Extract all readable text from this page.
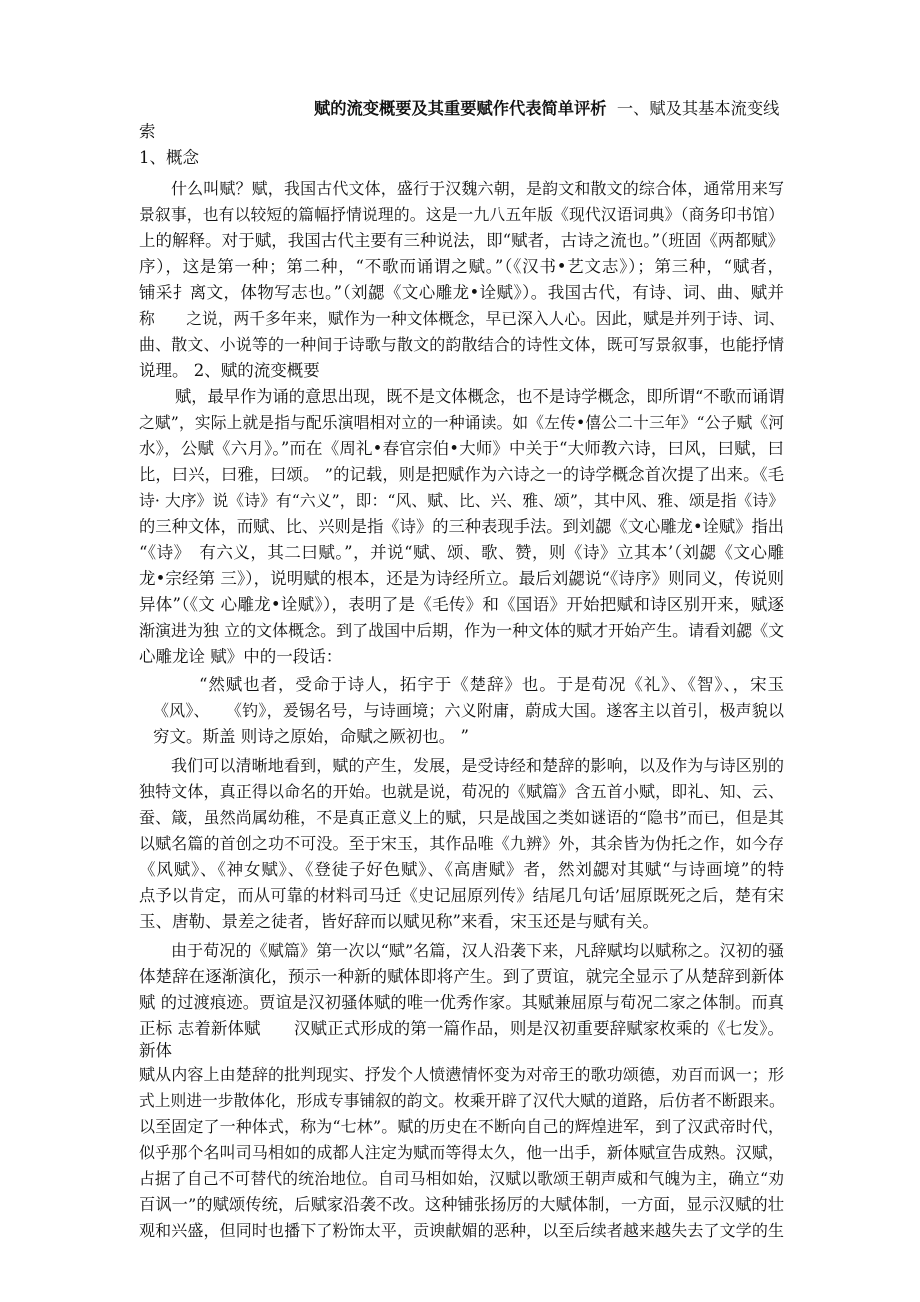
赋的流变概要及其重要赋作代表简单评析 一、赋及其基本流变线
索
1、概念
什么叫赋？赋，我国古代文体，盛行于汉魏六朝，是韵文和散文的综合体，通常用来写
景叙事，也有以较短的篇幅抒情说理的。这是一九八五年版《现代汉语词典》（商务印书馆）
上的解释。对于赋，我国古代主要有三种说法，即“赋者，古诗之流也。”（班固《两都赋》
序），这是第一种；第二种，“不歌而诵谓之赋。”（《汉书•艺文志》）；第三种，“赋者，
铺采扌离文，体物写志也。”（刘勰《文心雕龙•诠赋》）。我国古代，有诗、词、曲、赋并
称　　之说，两千多年来，赋作为一种文体概念，早已深入人心。因此，赋是并列于诗、词、
曲、散文、小说等的一种间于诗歌与散文的韵散结合的诗性文体，既可写景叙事，也能抒情
说理。 2、赋的流变概要
赋，最早作为诵的意思出现，既不是文体概念，也不是诗学概念，即所谓“不歌而诵谓
之赋”，实际上就是指与配乐演唱相对立的一种诵读。如《左传•僖公二十三年》“公子赋《河
水》，公赋《六月》。”而在《周礼•春官宗伯•大师》中关于“大师教六诗，曰风，曰赋，曰
比，曰兴，曰雅，曰颂。 ”的记载，则是把赋作为六诗之一的诗学概念首次提了出来。《毛
诗· 大序》说《诗》有“六义”，即：“风、赋、比、兴、雅、颂”，其中风、雅、颂是指《诗》
的三种文体，而赋、比、兴则是指《诗》的三种表现手法。到刘勰《文心雕龙•诠赋》指出
“《诗》　有六义，其二曰赋。”，并说“赋、颂、歌、赞，则《诗》立其本’（刘勰《文心雕
龙•宗经第 三》），说明赋的根本，还是为诗经所立。最后刘勰说“《诗序》则同义，传说则
异体”（《文 心雕龙•诠赋》），表明了是《毛传》和《国语》开始把赋和诗区别开来，赋逐
渐演进为独 立的文体概念。到了战国中后期，作为一种文体的赋才开始产生。请看刘勰《文
心雕龙诠 赋》中的一段话：
“然赋也者，受命于诗人，拓宇于《楚辞》也。于是荀况《礼》、《智》、，宋玉
《风》、　　《钓》，爰锡名号，与诗画境；六义附庸，蔚成大国。遂客主以首引，极声貌以
穷文。斯盖 则诗之原始，命赋之厥初也。 ”
我们可以清晰地看到，赋的产生，发展，是受诗经和楚辞的影响，以及作为与诗区别的
独特文体，真正得以命名的开始。也就是说，荀况的《赋篇》含五首小赋，即礼、知、云、
蚕、箴，虽然尚属幼稚，不是真正意义上的赋，只是战国之类如谜语的“隐书”而已，但是其
以赋名篇的首创之功不可没。至于宋玉，其作品唯《九辨》外，其余皆为伪托之作，如今存
《风赋》、《神女赋》、《登徒子好色赋》、《高唐赋》者，然刘勰对其赋“与诗画境”的特
点予以肯定，而从可靠的材料司马迁《史记屈原列传》结尾几句话’屈原既死之后，楚有宋
玉、唐勒、景差之徒者，皆好辞而以赋见称”来看，宋玉还是与赋有关。
由于荀况的《赋篇》第一次以“赋”名篇，汉人沿袭下来，凡辞赋均以赋称之。汉初的骚
体楚辞在逐渐演化，预示一种新的赋体即将产生。到了贾谊，就完全显示了从楚辞到新体
赋 的过渡痕迹。贾谊是汉初骚体赋的唯一优秀作家。其赋兼屈原与荀况二家之体制。而真
正标 志着新体赋　　汉赋正式形成的第一篇作品，则是汉初重要辞赋家枚乘的《七发》。
新体
赋从内容上由楚辞的批判现实、抒发个人愤懑情怀变为对帝王的歌功颂德，劝百而讽一；形
式上则进一步散体化，形成专事铺叙的韵文。枚乘开辟了汉代大赋的道路，后仿者不断跟来。
以至固定了一种体式，称为“七林”。赋的历史在不断向自己的辉煌进军，到了汉武帝时代，
似乎那个名叫司马相如的成都人注定为赋而等得太久，他一出手，新体赋宣告成熟。汉赋，
占据了自己不可替代的统治地位。自司马相如始，汉赋以歌颂王朝声威和气魄为主，确立“劝
百讽一”的赋颂传统，后赋家沿袭不改。这种铺张扬厉的大赋体制，一方面，显示汉赋的壮
观和兴盛，但同时也播下了粉饰太平，贡谀献媚的恶种，以至后续者越来越失去了文学的生
